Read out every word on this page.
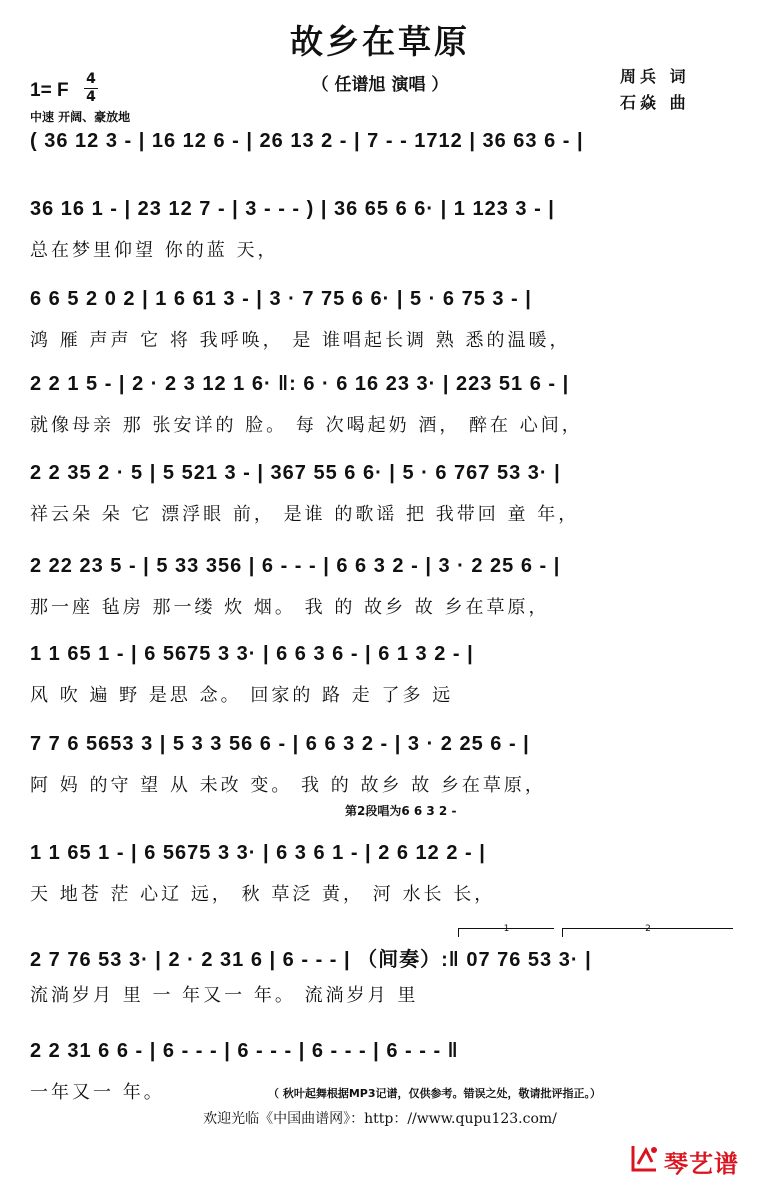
故乡在草原
（ 任谱旭 演唱 ）
1= F
4
4
中速 开阔、豪放地
周兵 词
石焱 曲
( 36 12 3 - | 16 12 6 - | 26 13 2 - | 7 - - 1712 | 36 63 6 - |
36 16 1 - | 23 12 7 - | 3 - - - ) | 36 65 6 6· | 1 123 3 - |
总在梦里仰望 你的蓝 天，
6 6 5 2 0 2 | 1 6 61 3 - | 3 · 7 75 6 6· | 5 · 6 75 3 - |
鸿 雁 声声 它 将 我呼唤， 是 谁唱起长调 熟 悉的温暖，
2 2 1 5 - | 2 · 2 3 12 1 6· ‖: 6 · 6 16 23 3· | 223 51 6 - |
就像母亲 那 张安详的 脸。 每 次喝起奶 酒， 醉在 心间，
2 2 35 2 · 5 | 5 521 3 - | 367 55 6 6· | 5 · 6 767 53 3· |
祥云朵 朵 它 漂浮眼 前， 是谁 的歌谣 把 我带回 童 年，
2 22 23 5 - | 5 33 356 | 6 - - - | 6 6 3 2 - | 3 · 2 25 6 - |
那一座 毡房 那一缕 炊 烟。 我 的 故乡 故 乡在草原，
1 1 65 1 - | 6 5675 3 3· | 6 6 3 6 - | 6 1 3 2 - |
风 吹 遍 野 是思 念。 回家的 路 走 了多 远
7 7 6 5653 3 | 5 3 3 56 6 - | 6 6 3 2 - | 3 · 2 25 6 - |
阿 妈 的守 望 从 未改 变。 我 的 故乡 故 乡在草原，
1 1 65 1 - | 6 5675 3 3· | 6 3 6 1 - | 2 6 12 2 - |
天 地苍 茫 心辽 远， 秋 草泛 黄， 河 水长 长，
2 7 76 53 3· | 2 · 2 31 6 | 6 - - - | （间奏）:‖ 07 76 53 3· |
流淌岁月 里 一 年又一 年。 流淌岁月 里
2 2 31 6 6 - | 6 - - - | 6 - - - | 6 - - - | 6 - - - ‖
一年又一 年。
第2段唱为6 6 3 2 -
1	2
（ 秋叶起舞根据MP3记谱，仅供参考。错误之处，敬请批评指正。）
欢迎光临《中国曲谱网》：http：//www.qupu123.com/
琴艺谱
